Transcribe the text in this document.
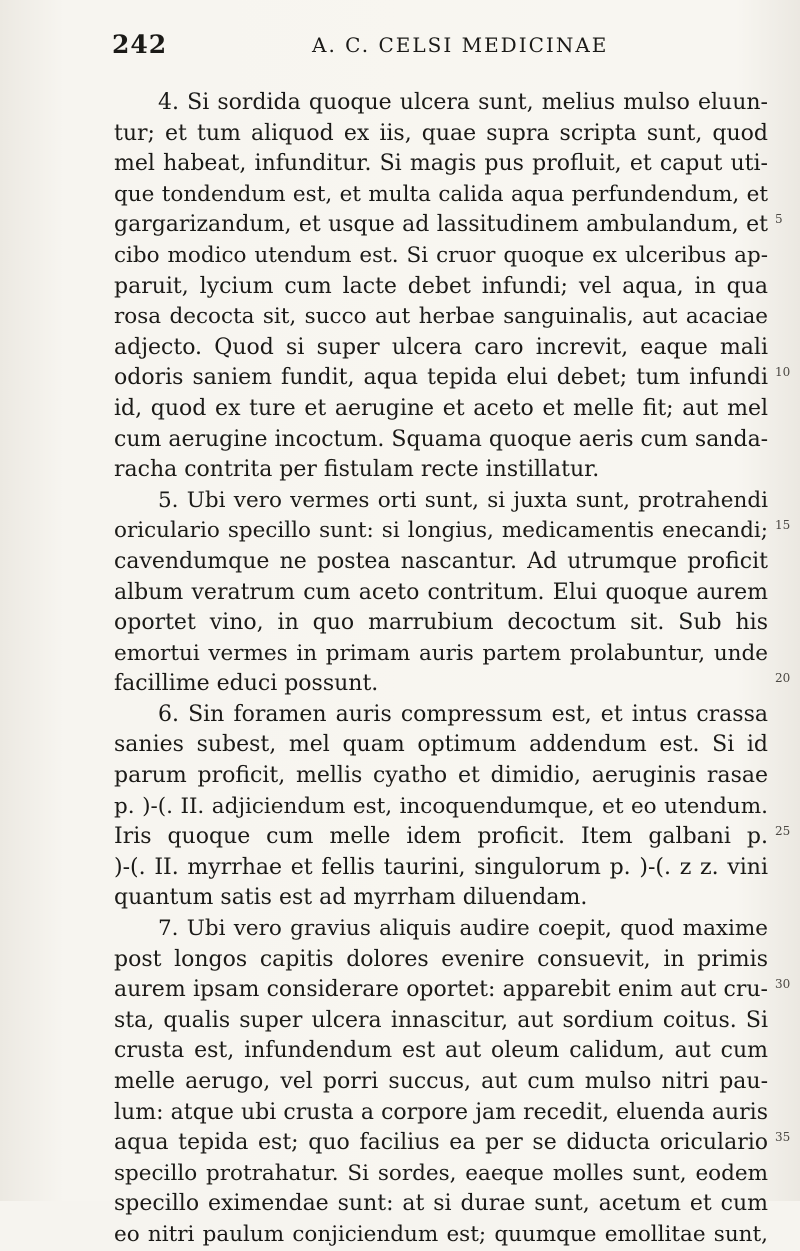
242	A. C. CELSI MEDICINAE
4. Si sordida quoque ulcera sunt, melius mulso eluun-
tur; et tum aliquod ex iis, quae supra scripta sunt, quod
mel habeat, infunditur. Si magis pus profluit, et caput uti-
que tondendum est, et multa calida aqua perfundendum, et
gargarizandum, et usque ad lassitudinem ambulandum, et
cibo modico utendum est. Si cruor quoque ex ulceribus ap-
paruit, lycium cum lacte debet infundi; vel aqua, in qua
rosa decocta sit, succo aut herbae sanguinalis, aut acaciae
adjecto. Quod si super ulcera caro increvit, eaque mali
odoris saniem fundit, aqua tepida elui debet; tum infundi
id, quod ex ture et aerugine et aceto et melle fit; aut mel
cum aerugine incoctum. Squama quoque aeris cum sanda-
racha contrita per fistulam recte instillatur.
5. Ubi vero vermes orti sunt, si juxta sunt, protrahendi
oriculario specillo sunt: si longius, medicamentis enecandi;
cavendumque ne postea nascantur. Ad utrumque proficit
album veratrum cum aceto contritum. Elui quoque aurem
oportet vino, in quo marrubium decoctum sit. Sub his
emortui vermes in primam auris partem prolabuntur, unde
facillime educi possunt.
6. Sin foramen auris compressum est, et intus crassa
sanies subest, mel quam optimum addendum est. Si id
parum proficit, mellis cyatho et dimidio, aeruginis rasae
p. )-(. II. adjiciendum est, incoquendumque, et eo utendum.
Iris quoque cum melle idem proficit. Item galbani p.
)-(. II. myrrhae et fellis taurini, singulorum p. )-(. z z. vini
quantum satis est ad myrrham diluendam.
7. Ubi vero gravius aliquis audire coepit, quod maxime
post longos capitis dolores evenire consuevit, in primis
aurem ipsam considerare oportet: apparebit enim aut cru-
sta, qualis super ulcera innascitur, aut sordium coitus. Si
crusta est, infundendum est aut oleum calidum, aut cum
melle aerugo, vel porri succus, aut cum mulso nitri pau-
lum: atque ubi crusta a corpore jam recedit, eluenda auris
aqua tepida est; quo facilius ea per se diducta oriculario
specillo protrahatur. Si sordes, eaeque molles sunt, eodem
specillo eximendae sunt: at si durae sunt, acetum et cum
eo nitri paulum conjiciendum est; quumque emollitae sunt,
5
10
15
20
25
30
35
